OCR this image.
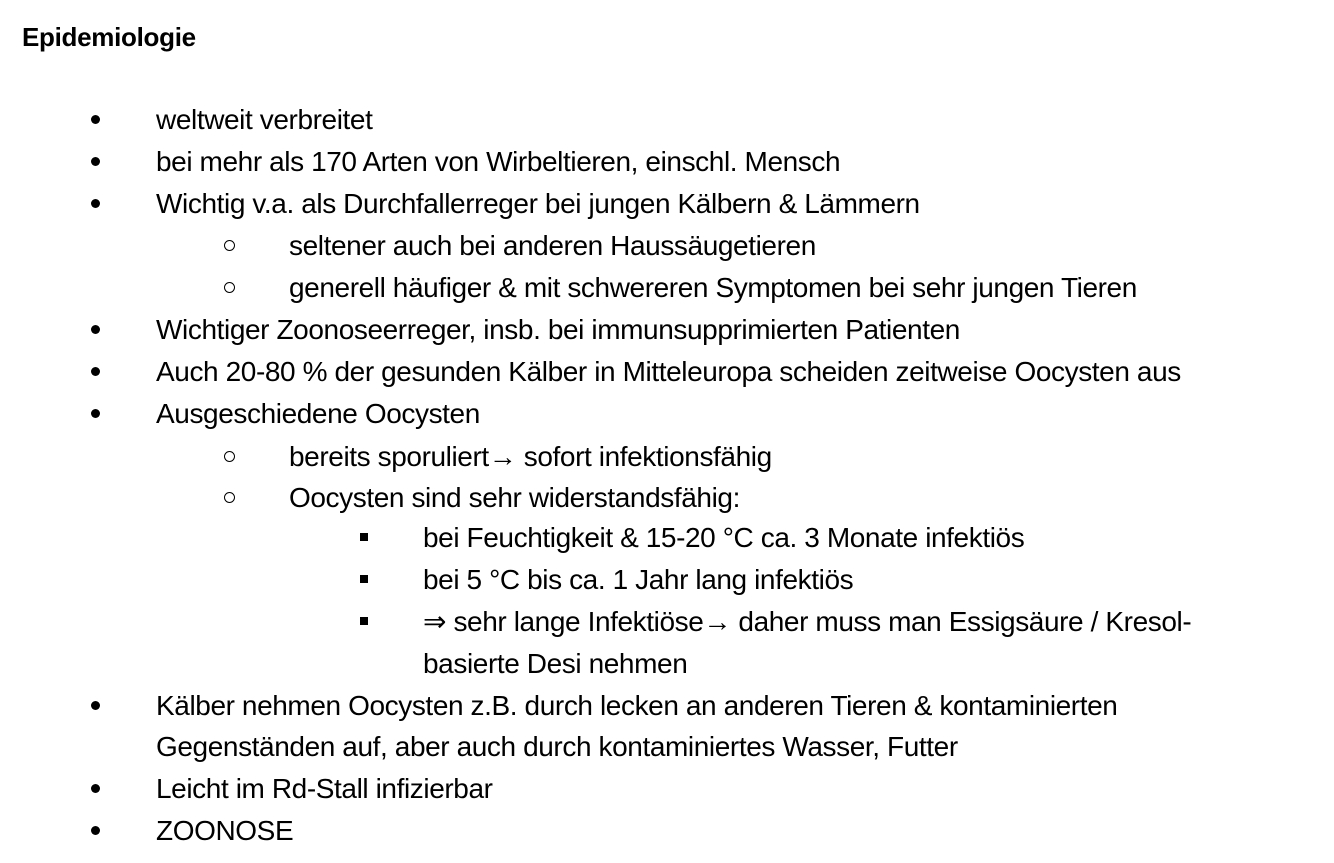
Epidemiologie
weltweit verbreitet
bei mehr als 170 Arten von Wirbeltieren, einschl. Mensch
Wichtig v.a. als Durchfallerreger bei jungen Kälbern & Lämmern
seltener auch bei anderen Haussäugetieren
generell häufiger & mit schwereren Symptomen bei sehr jungen Tieren
Wichtiger Zoonoseerreger, insb. bei immunsupprimierten Patienten
Auch 20-80 % der gesunden Kälber in Mitteleuropa scheiden zeitweise Oocysten aus
Ausgeschiedene Oocysten
bereits sporuliert→ sofort infektionsfähig
Oocysten sind sehr widerstandsfähig:
bei Feuchtigkeit & 15-20 °C ca. 3 Monate infektiös
bei 5 °C bis ca. 1 Jahr lang infektiös
⇒ sehr lange Infektiöse→ daher muss man Essigsäure / Kresol-
basierte Desi nehmen
Kälber nehmen Oocysten z.B. durch lecken an anderen Tieren & kontaminierten
Gegenständen auf, aber auch durch kontaminiertes Wasser, Futter
Leicht im Rd-Stall infizierbar
ZOONOSE
